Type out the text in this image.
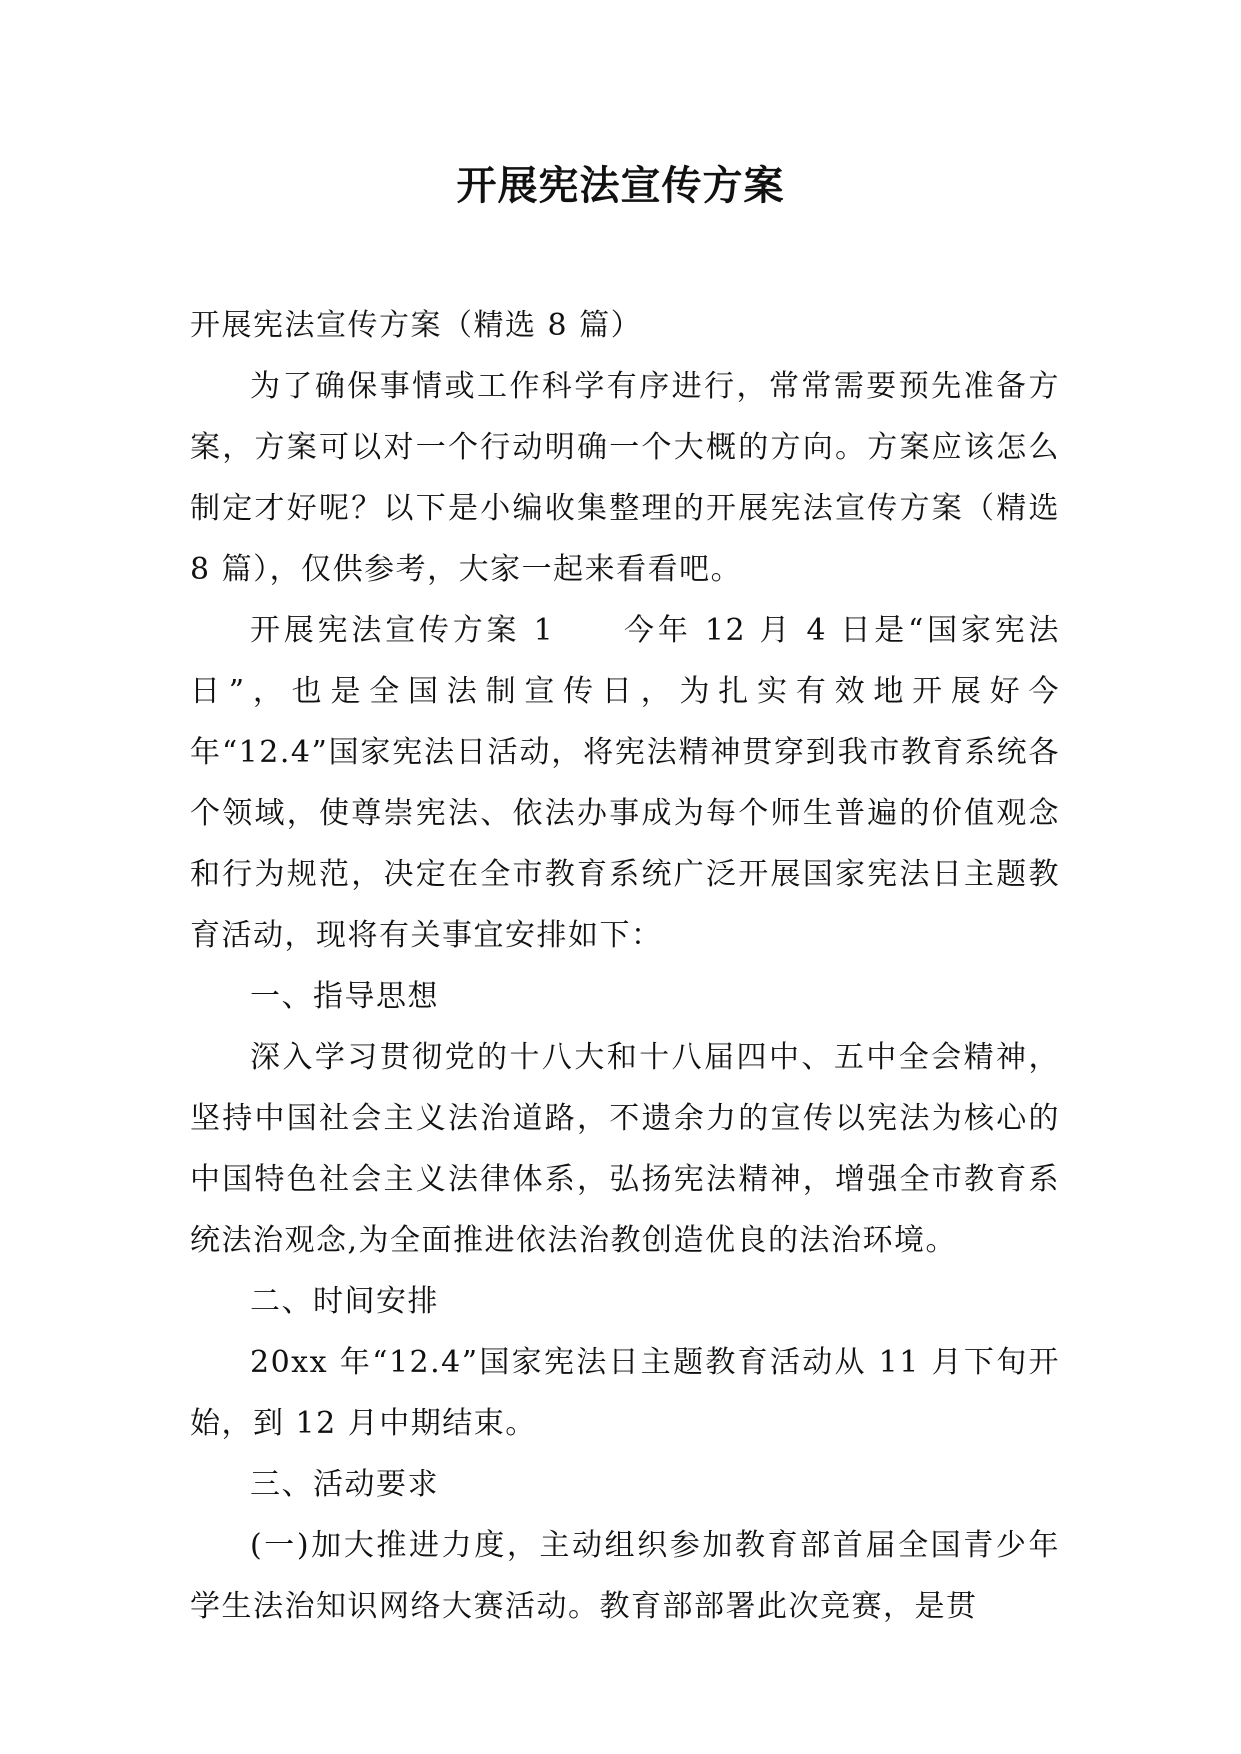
开展宪法宣传方案

开展宪法宣传方案（精选 8 篇）

为了确保事情或工作科学有序进行，常常需要预先准备方案，方案可以对一个行动明确一个大概的方向。方案应该怎么制定才好呢？以下是小编收集整理的开展宪法宣传方案（精选 8 篇），仅供参考，大家一起来看看吧。

开展宪法宣传方案 1　　今年 12 月 4 日是“国家宪法日”，也是全国法制宣传日，为扎实有效地开展好今年“12.4”国家宪法日活动，将宪法精神贯穿到我市教育系统各个领域，使尊崇宪法、依法办事成为每个师生普遍的价值观念和行为规范，决定在全市教育系统广泛开展国家宪法日主题教育活动，现将有关事宜安排如下：

一、指导思想

深入学习贯彻党的十八大和十八届四中、五中全会精神，坚持中国社会主义法治道路，不遗余力的宣传以宪法为核心的中国特色社会主义法律体系，弘扬宪法精神，增强全市教育系统法治观念,为全面推进依法治教创造优良的法治环境。

二、时间安排

20xx 年“12.4”国家宪法日主题教育活动从 11 月下旬开始，到 12 月中期结束。

三、活动要求

(一)加大推进力度，主动组织参加教育部首届全国青少年学生法治知识网络大赛活动。教育部部署此次竞赛，是贯
